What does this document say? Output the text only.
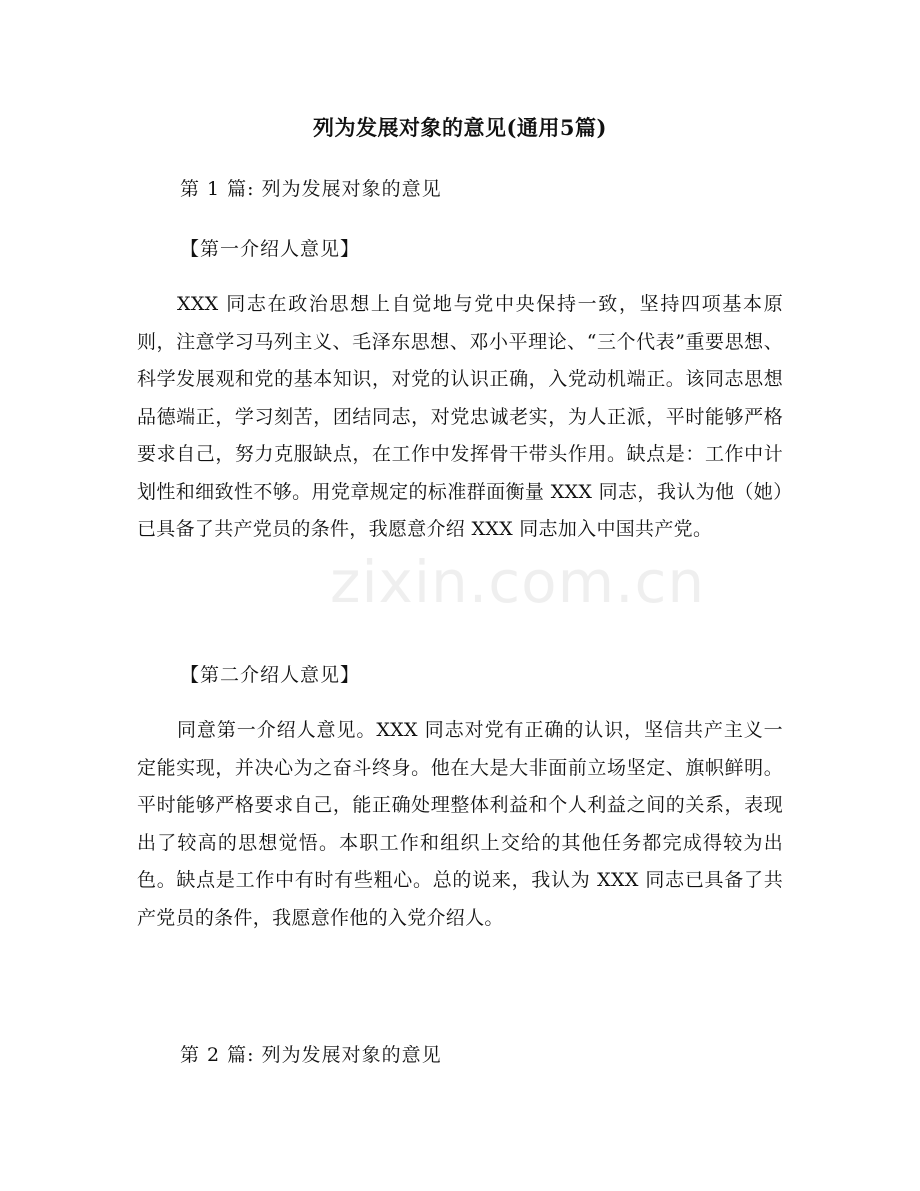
zixin.com.cn
列为发展对象的意见(通用5篇)

第 1 篇: 列为发展对象的意见

【第一介绍人意见】

XXX 同志在政治思想上自觉地与党中央保持一致，坚持四项基本原则，注意学习马列主义、毛泽东思想、邓小平理论、“三个代表”重要思想、科学发展观和党的基本知识，对党的认识正确，入党动机端正。该同志思想品德端正，学习刻苦，团结同志，对党忠诚老实，为人正派，平时能够严格要求自己，努力克服缺点，在工作中发挥骨干带头作用。缺点是：工作中计划性和细致性不够。用党章规定的标准群面衡量 XXX 同志，我认为他（她）已具备了共产党员的条件，我愿意介绍 XXX 同志加入中国共产党。

【第二介绍人意见】

同意第一介绍人意见。XXX 同志对党有正确的认识，坚信共产主义一定能实现，并决心为之奋斗终身。他在大是大非面前立场坚定、旗帜鲜明。平时能够严格要求自己，能正确处理整体利益和个人利益之间的关系，表现出了较高的思想觉悟。本职工作和组织上交给的其他任务都完成得较为出色。缺点是工作中有时有些粗心。总的说来，我认为 XXX 同志已具备了共产党员的条件，我愿意作他的入党介绍人。

第 2 篇: 列为发展对象的意见
